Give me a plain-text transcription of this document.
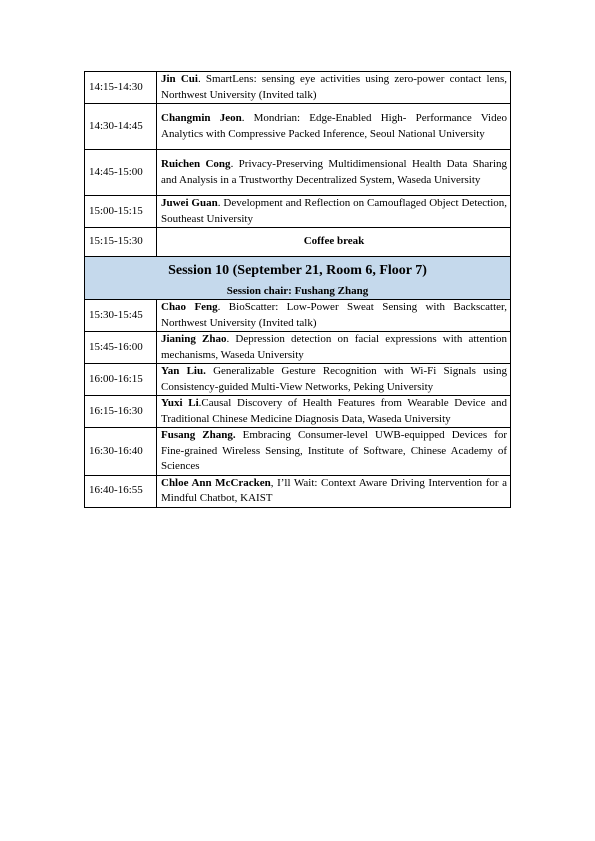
14:15-14:30	Jin Cui. SmartLens: sensing eye activities using zero-power contact lens, Northwest University (Invited talk)
14:30-14:45	Changmin Jeon. Mondrian: Edge-Enabled High- Performance Video Analytics with Compressive Packed Inference, Seoul National University
14:45-15:00	Ruichen Cong. Privacy-Preserving Multidimensional Health Data Sharing and Analysis in a Trustworthy Decentralized System, Waseda University
15:00-15:15	Juwei Guan. Development and Reflection on Camouflaged Object Detection, Southeast University
15:15-15:30	Coffee break

Session 10 (September 21, Room 6, Floor 7)
Session chair: Fushang Zhang	

15:30-15:45	Chao Feng. BioScatter: Low-Power Sweat Sensing with Backscatter, Northwest University (Invited talk)
15:45-16:00	Jianing Zhao. Depression detection on facial expressions with attention mechanisms, Waseda University
16:00-16:15	Yan Liu. Generalizable Gesture Recognition with Wi-Fi Signals using Consistency-guided Multi-View Networks, Peking University
16:15-16:30	Yuxi Li.Causal Discovery of Health Features from Wearable Device and Traditional Chinese Medicine Diagnosis Data, Waseda University
16:30-16:40	Fusang Zhang. Embracing Consumer-level UWB-equipped Devices for Fine-grained Wireless Sensing, Institute of Software, Chinese Academy of Sciences
16:40-16:55	Chloe Ann McCracken, I’ll Wait: Context Aware Driving Intervention for a Mindful Chatbot, KAIST
